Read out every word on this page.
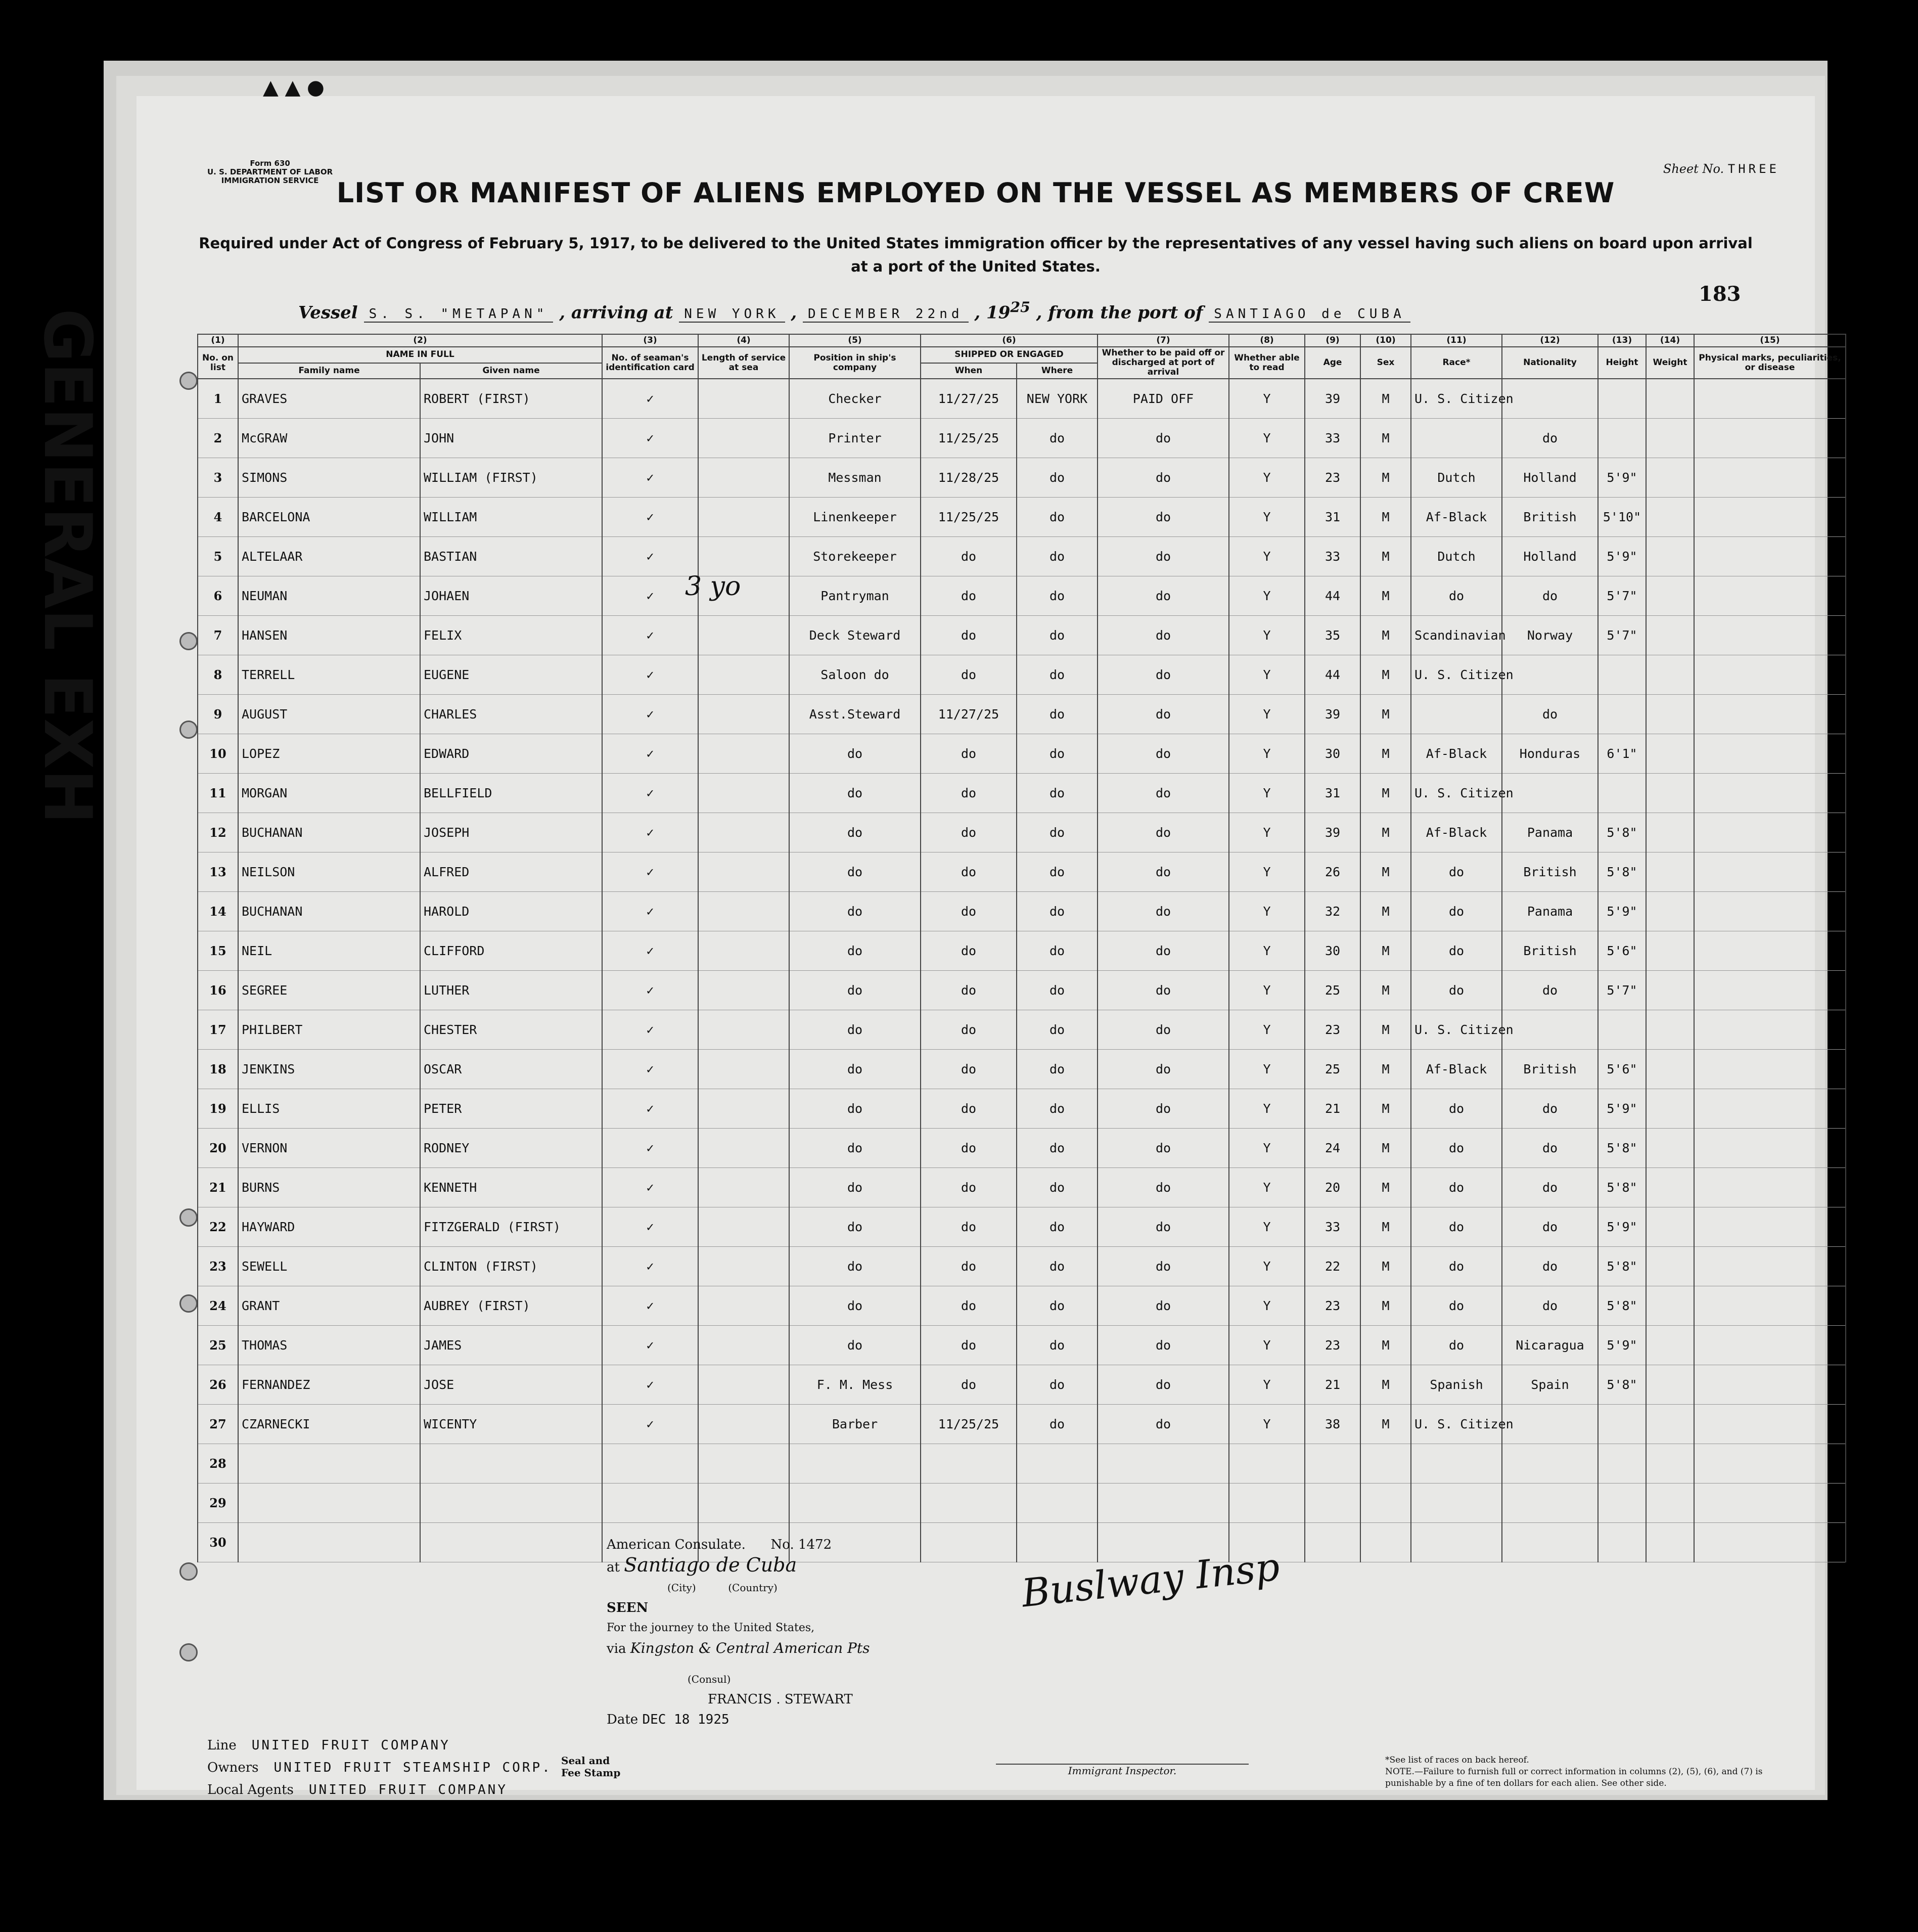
GENERAL EXH
▲ ▲ ●
Form 630
U. S. DEPARTMENT OF LABOR
IMMIGRATION SERVICE
Sheet No. THREE
LIST OR MANIFEST OF ALIENS EMPLOYED ON THE VESSEL AS MEMBERS OF CREW
Required under Act of Congress of February 5, 1917, to be delivered to the United States immigration officer by the representatives of any vessel having such aliens on board upon arrival at a port of the United States.
183
Vessel S. S. "METAPAN" , arriving at NEW YORK , DECEMBER 22nd , $19^{25}$ , from the port of SANTIAGO de CUBA
(1)	(2)		(3)	(4)	(5)	(6)		(7)	(8)	(9)	(10)	(11)	(12)	(13)	(14)	(15)
No. on list	NAME IN FULL		No. of seaman's identification card	Length of service at sea	Position in ship's company	SHIPPED OR ENGAGED		Whether to be paid off or discharged at port of arrival	Whether able to read	Age	Sex	Race*	Nationality	Height	Weight	Physical marks, peculiarities, or disease
	Family name	Given name				When	Where									
1	GRAVES	ROBERT (FIRST)	✓		Checker	11/27/25	NEW YORK	PAID OFF	Y	39	M	U. S. Citizen				
2	McGRAW	JOHN	✓		Printer	11/25/25	do	do	Y	33	M		do			
3	SIMONS	WILLIAM (FIRST)	✓		Messman	11/28/25	do	do	Y	23	M	Dutch	Holland	5'9"		
4	BARCELONA	WILLIAM	✓		Linenkeeper	11/25/25	do	do	Y	31	M	Af-Black	British	5'10"		
5	ALTELAAR	BASTIAN	✓		Storekeeper	do	do	do	Y	33	M	Dutch	Holland	5'9"		
6	NEUMAN	JOHAEN	✓		Pantryman	do	do	do	Y	44	M	do	do	5'7"		
7	HANSEN	FELIX	✓		Deck Steward	do	do	do	Y	35	M	Scandinavian	Norway	5'7"		
8	TERRELL	EUGENE	✓		Saloon do	do	do	do	Y	44	M	U. S. Citizen				
9	AUGUST	CHARLES	✓		Asst.Steward	11/27/25	do	do	Y	39	M		do			
10	LOPEZ	EDWARD	✓		do	do	do	do	Y	30	M	Af-Black	Honduras	6'1"		
11	MORGAN	BELLFIELD	✓		do	do	do	do	Y	31	M	U. S. Citizen				
12	BUCHANAN	JOSEPH	✓		do	do	do	do	Y	39	M	Af-Black	Panama	5'8"		
13	NEILSON	ALFRED	✓		do	do	do	do	Y	26	M	do	British	5'8"		
14	BUCHANAN	HAROLD	✓		do	do	do	do	Y	32	M	do	Panama	5'9"		
15	NEIL	CLIFFORD	✓		do	do	do	do	Y	30	M	do	British	5'6"		
16	SEGREE	LUTHER	✓		do	do	do	do	Y	25	M	do	do	5'7"		
17	PHILBERT	CHESTER	✓		do	do	do	do	Y	23	M	U. S. Citizen				
18	JENKINS	OSCAR	✓		do	do	do	do	Y	25	M	Af-Black	British	5'6"		
19	ELLIS	PETER	✓		do	do	do	do	Y	21	M	do	do	5'9"		
20	VERNON	RODNEY	✓		do	do	do	do	Y	24	M	do	do	5'8"		
21	BURNS	KENNETH	✓		do	do	do	do	Y	20	M	do	do	5'8"		
22	HAYWARD	FITZGERALD (FIRST)	✓		do	do	do	do	Y	33	M	do	do	5'9"		
23	SEWELL	CLINTON (FIRST)	✓		do	do	do	do	Y	22	M	do	do	5'8"		
24	GRANT	AUBREY (FIRST)	✓		do	do	do	do	Y	23	M	do	do	5'8"		
25	THOMAS	JAMES	✓		do	do	do	do	Y	23	M	do	Nicaragua	5'9"		
26	FERNANDEZ	JOSE	✓		F. M. Mess	do	do	do	Y	21	M	Spanish	Spain	5'8"		
27	CZARNECKI	WICENTY	✓		Barber	11/25/25	do	do	Y	38	M	U. S. Citizen				
28																
29																
30																
3 yo
American Consulate. No. 1472
at Santiago de Cuba
(City)	(Country)
SEEN
For the journey to the United States,
via Kingston & Central American Pts
(Consul)
FRANCIS . STEWART
Date DEC 18 1925
Buslway Insp
Line UNITED FRUIT COMPANY
Owners UNITED FRUIT STEAMSHIP CORP.
Local Agents UNITED FRUIT COMPANY
Seal and Fee Stamp	Immigrant Inspector.
*See list of races on back hereof.
NOTE.—Failure to furnish full or correct information in columns (2), (5), (6), and (7) is punishable by a fine of ten dollars for each alien. See other side.
